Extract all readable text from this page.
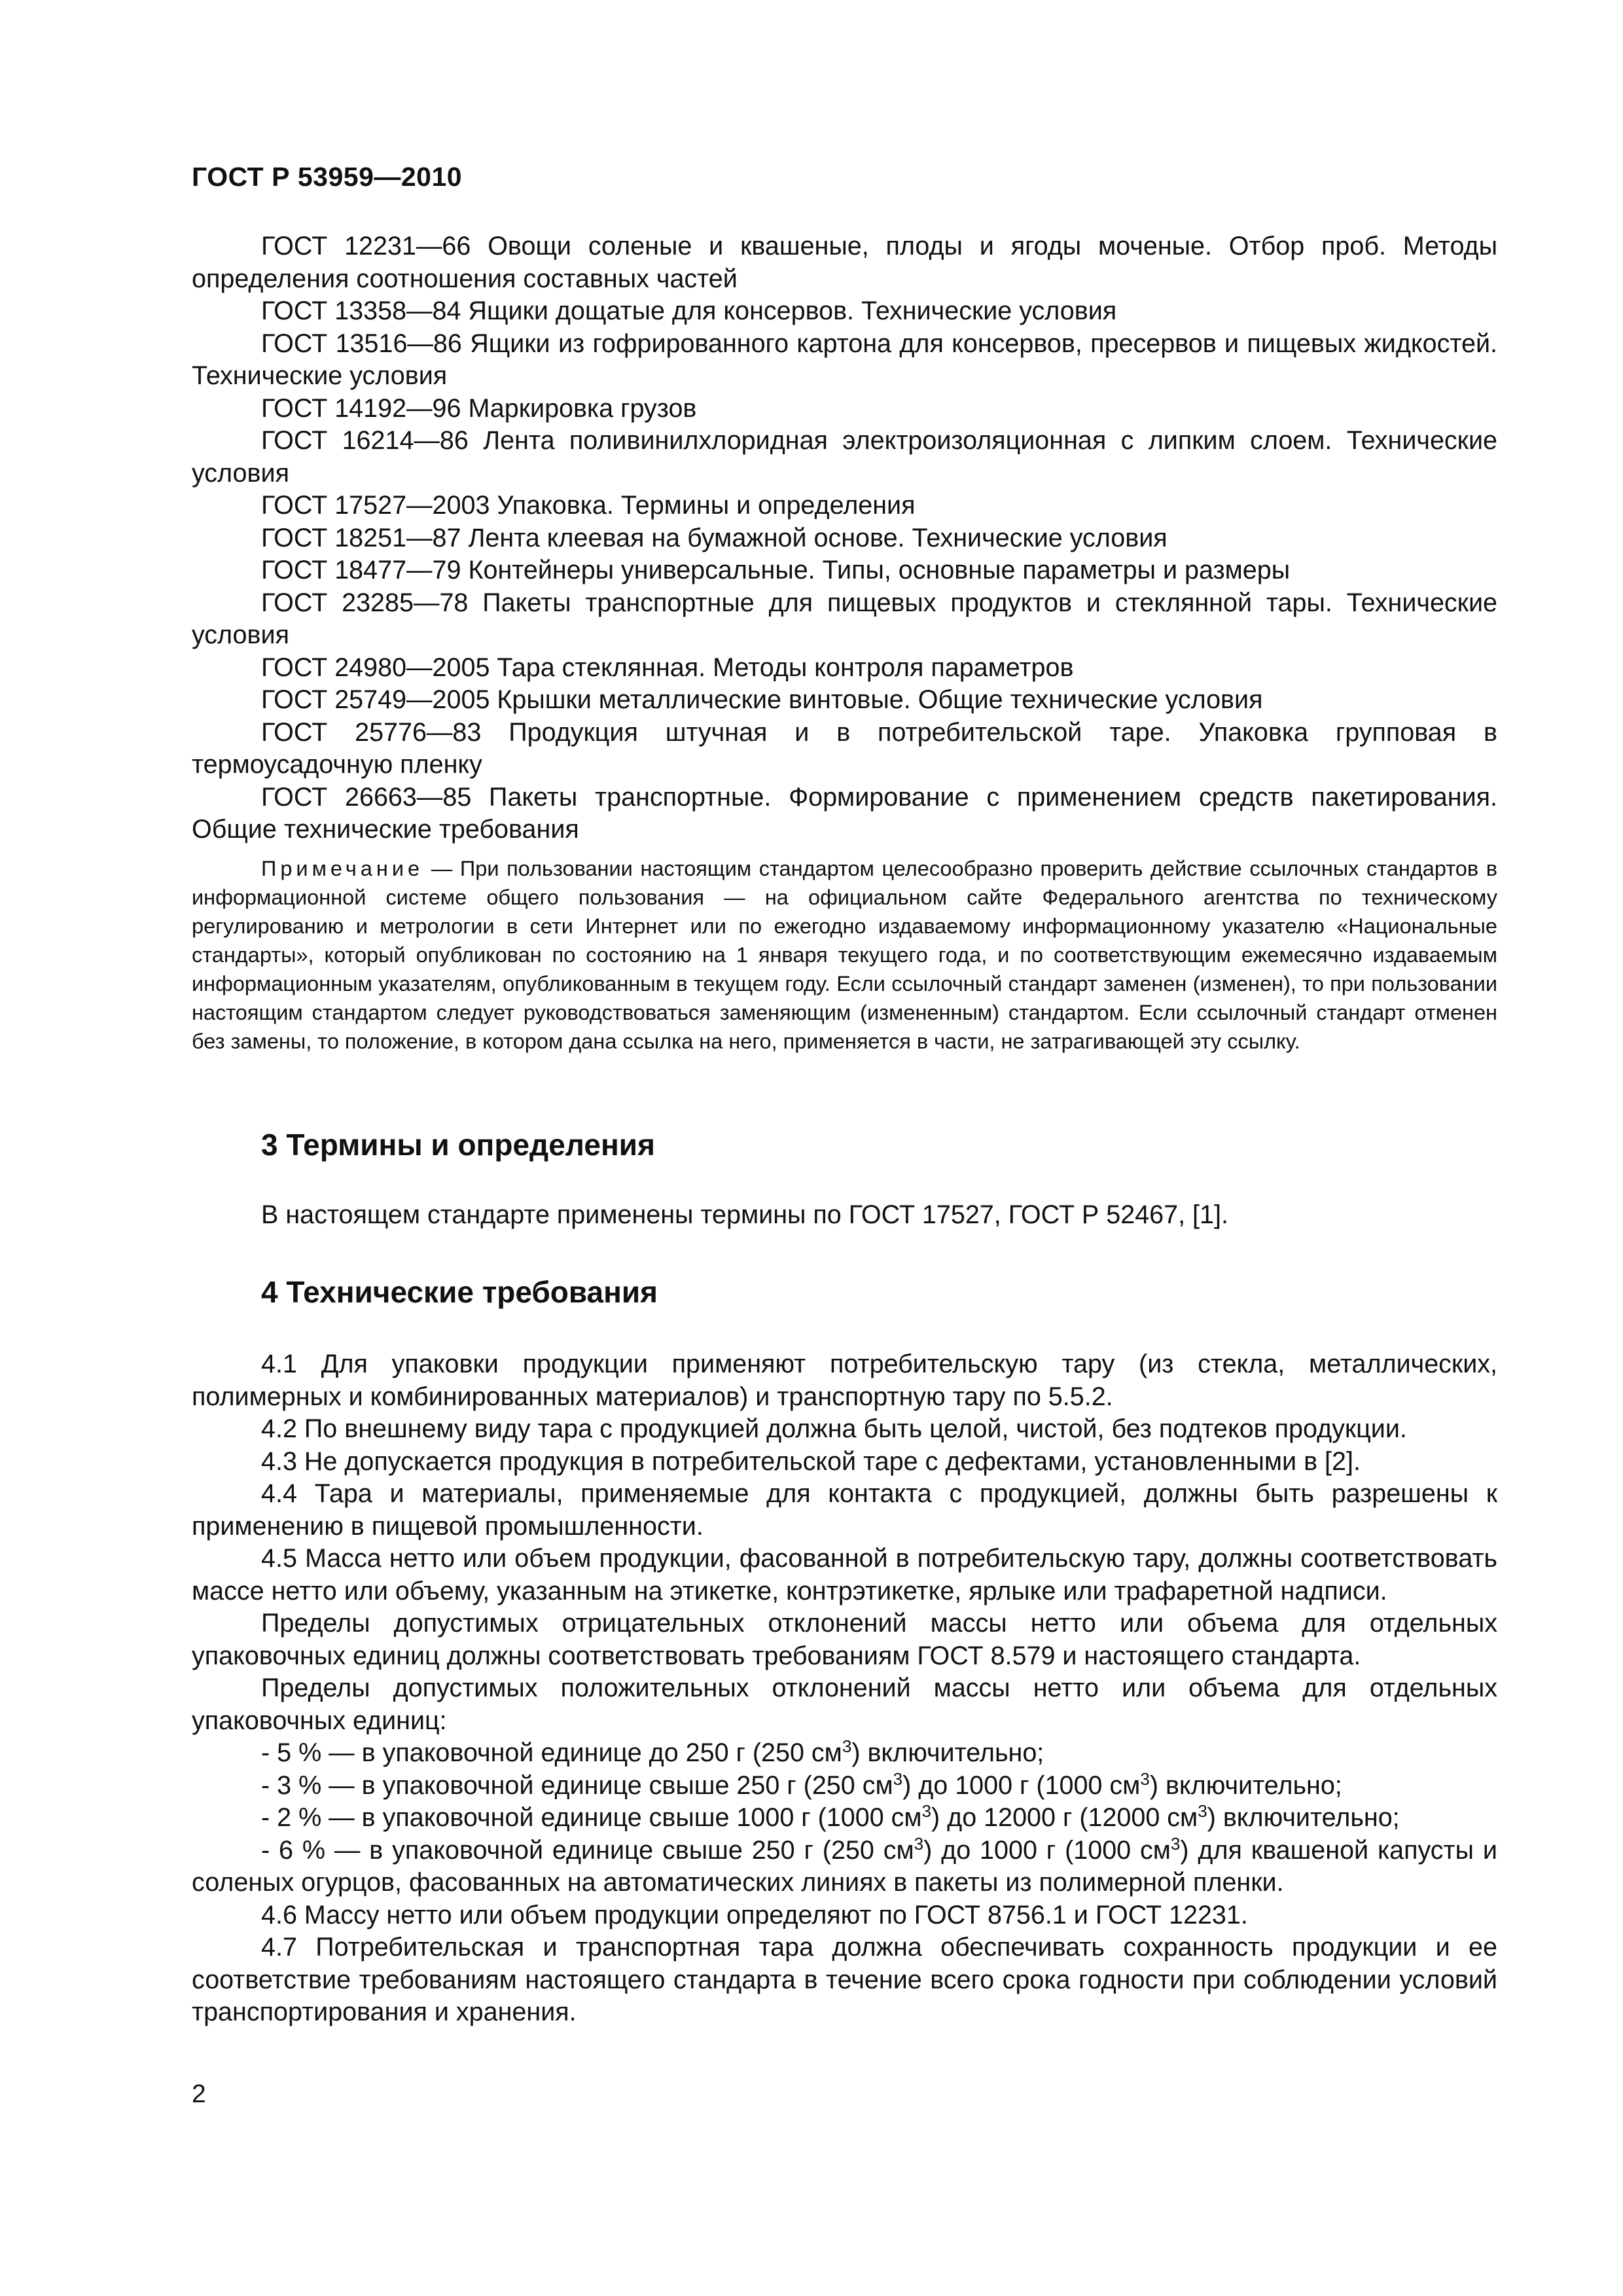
ГОСТ Р 53959—2010

ГОСТ 12231—66 Овощи соленые и квашеные, плоды и ягоды моченые. Отбор проб. Методы определения соотношения составных частей

ГОСТ 13358—84 Ящики дощатые для консервов. Технические условия

ГОСТ 13516—86 Ящики из гофрированного картона для консервов, пресервов и пищевых жидкостей. Технические условия

ГОСТ 14192—96 Маркировка грузов

ГОСТ 16214—86 Лента поливинилхлоридная электроизоляционная с липким слоем. Технические условия

ГОСТ 17527—2003 Упаковка. Термины и определения

ГОСТ 18251—87 Лента клеевая на бумажной основе. Технические условия

ГОСТ 18477—79 Контейнеры универсальные. Типы, основные параметры и размеры

ГОСТ 23285—78 Пакеты транспортные для пищевых продуктов и стеклянной тары. Технические условия

ГОСТ 24980—2005 Тара стеклянная. Методы контроля параметров

ГОСТ 25749—2005 Крышки металлические винтовые. Общие технические условия

ГОСТ 25776—83 Продукция штучная и в потребительской таре. Упаковка групповая в термоусадочную пленку

ГОСТ 26663—85 Пакеты транспортные. Формирование с применением средств пакетирования. Общие технические требования

Примечание — При пользовании настоящим стандартом целесообразно проверить действие ссылочных стандартов в информационной системе общего пользования — на официальном сайте Федерального агентства по техническому регулированию и метрологии в сети Интернет или по ежегодно издаваемому информационному указателю «Национальные стандарты», который опубликован по состоянию на 1 января текущего года, и по соответствующим ежемесячно издаваемым информационным указателям, опубликованным в текущем году. Если ссылочный стандарт заменен (изменен), то при пользовании настоящим стандартом следует руководствоваться заменяющим (измененным) стандартом. Если ссылочный стандарт отменен без замены, то положение, в котором дана ссылка на него, применяется в части, не затрагивающей эту ссылку.

3 Термины и определения

В настоящем стандарте применены термины по ГОСТ 17527, ГОСТ Р 52467, [1].

4 Технические требования

4.1 Для упаковки продукции применяют потребительскую тару (из стекла, металлических, полимерных и комбинированных материалов) и транспортную тару по 5.5.2.

4.2 По внешнему виду тара с продукцией должна быть целой, чистой, без подтеков продукции.

4.3 Не допускается продукция в потребительской таре с дефектами, установленными в [2].

4.4 Тара и материалы, применяемые для контакта с продукцией, должны быть разрешены к применению в пищевой промышленности.

4.5 Масса нетто или объем продукции, фасованной в потребительскую тару, должны соответствовать массе нетто или объему, указанным на этикетке, контрэтикетке, ярлыке или трафаретной надписи.

Пределы допустимых отрицательных отклонений массы нетто или объема для отдельных упаковочных единиц должны соответствовать требованиям ГОСТ 8.579 и настоящего стандарта.

Пределы допустимых положительных отклонений массы нетто или объема для отдельных упаковочных единиц:

- 5 % — в упаковочной единице до 250 г (250 $см^3$) включительно;

- 3 % — в упаковочной единице свыше 250 г (250 $см^3$) до 1000 г (1000 $см^3$) включительно;

- 2 % — в упаковочной единице свыше 1000 г (1000 $см^3$) до 12000 г (12000 $см^3$) включительно;

- 6 % — в упаковочной единице свыше 250 г (250 $см^3$) до 1000 г (1000 $см^3$) для квашеной капусты и соленых огурцов, фасованных на автоматических линиях в пакеты из полимерной пленки.

4.6 Массу нетто или объем продукции определяют по ГОСТ 8756.1 и ГОСТ 12231.

4.7 Потребительская и транспортная тара должна обеспечивать сохранность продукции и ее соответствие требованиям настоящего стандарта в течение всего срока годности при соблюдении условий транспортирования и хранения.

2
